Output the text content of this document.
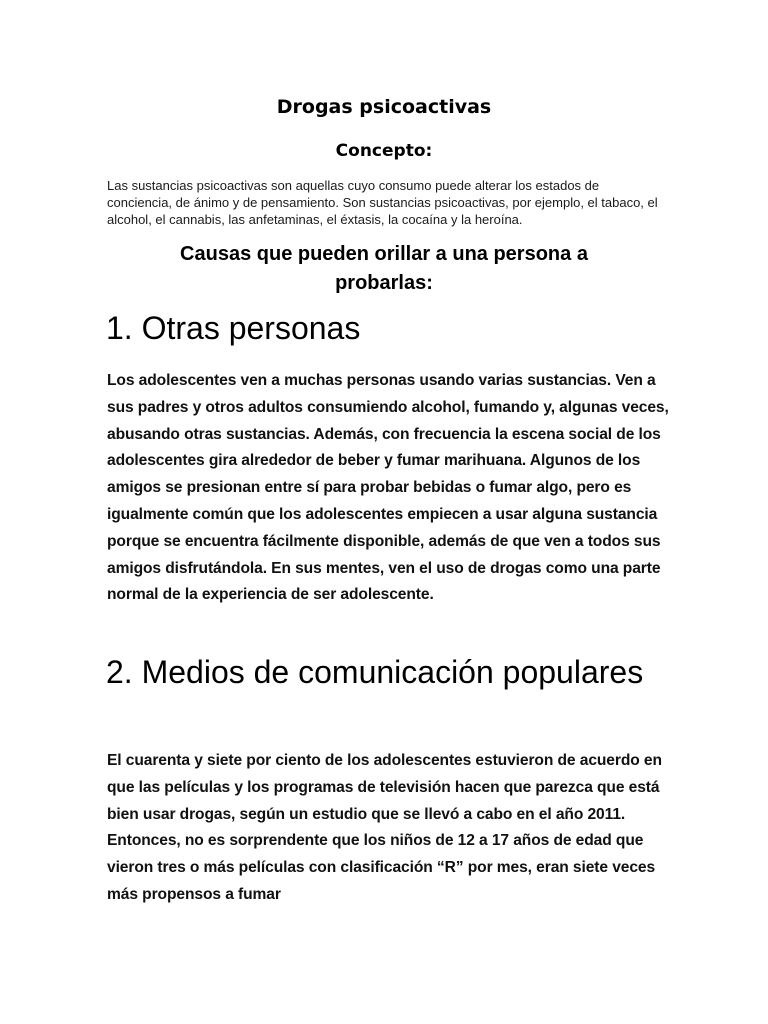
Drogas psicoactivas
Concepto:
Las sustancias psicoactivas son aquellas cuyo consumo puede alterar los estados de conciencia, de ánimo y de pensamiento. Son sustancias psicoactivas, por ejemplo, el tabaco, el alcohol, el cannabis, las anfetaminas, el éxtasis, la cocaína y la heroína.
Causas que pueden orillar a una persona a probarlas:
1. Otras personas
Los adolescentes ven a muchas personas usando varias sustancias. Ven a sus padres y otros adultos consumiendo alcohol, fumando y, algunas veces, abusando otras sustancias. Además, con frecuencia la escena social de los adolescentes gira alrededor de beber y fumar marihuana. Algunos de los amigos se presionan entre sí para probar bebidas o fumar algo, pero es igualmente común que los adolescentes empiecen a usar alguna sustancia porque se encuentra fácilmente disponible, además de que ven a todos sus amigos disfrutándola. En sus mentes, ven el uso de drogas como una parte normal de la experiencia de ser adolescente.
2. Medios de comunicación populares
El cuarenta y siete por ciento de los adolescentes estuvieron de acuerdo en que las películas y los programas de televisión hacen que parezca que está bien usar drogas, según un estudio que se llevó a cabo en el año 2011. Entonces, no es sorprendente que los niños de 12 a 17 años de edad que vieron tres o más películas con clasificación “R” por mes, eran siete veces más propensos a fumar
